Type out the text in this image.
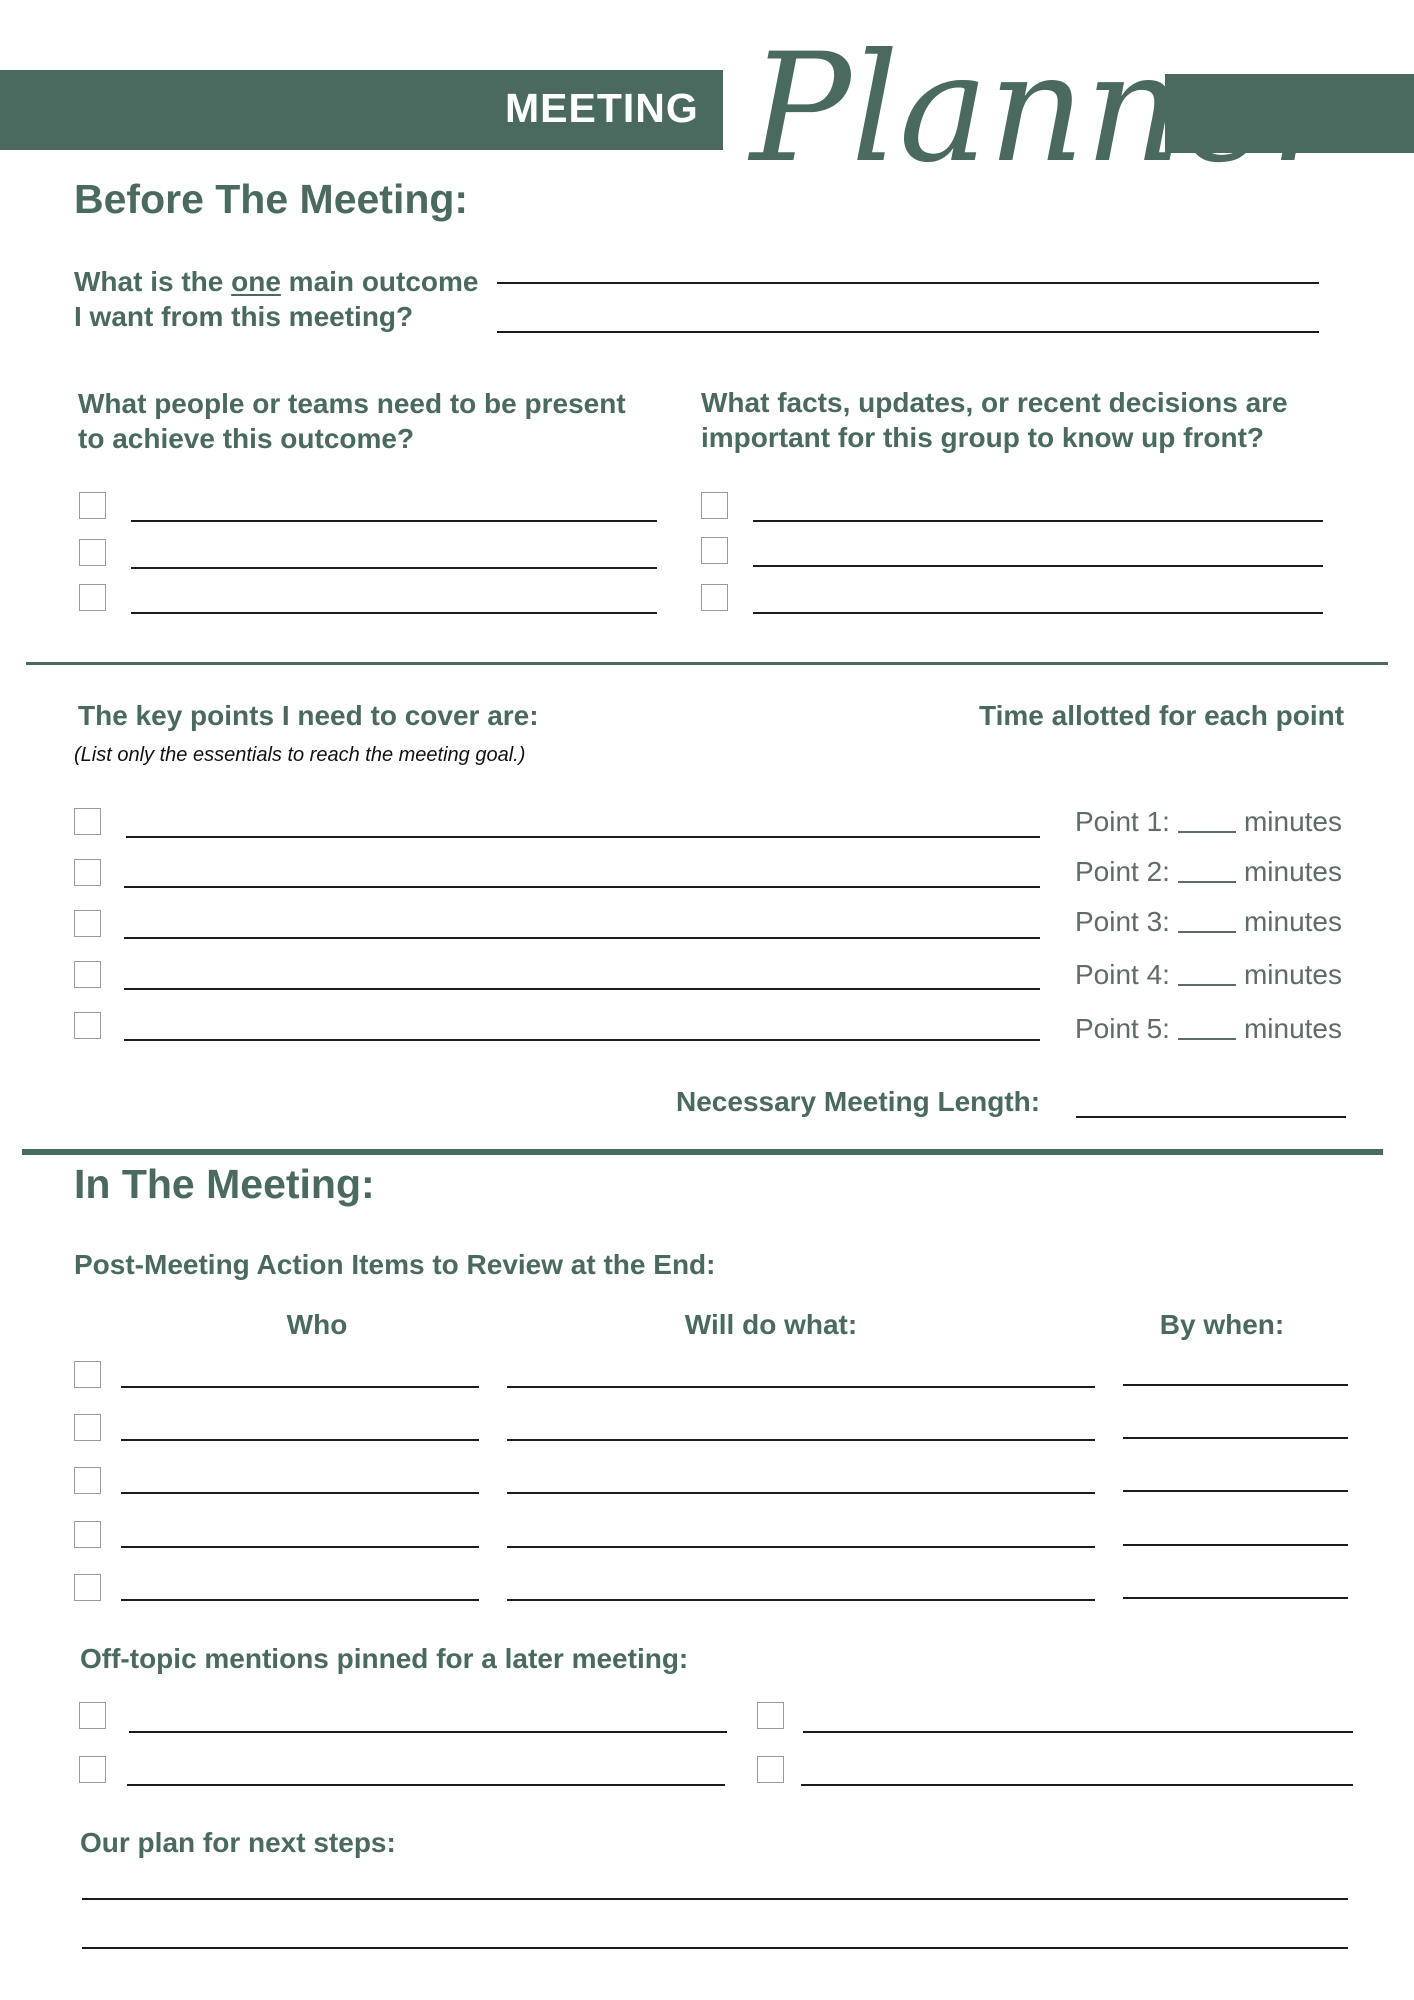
MEETING Planner
Before The Meeting:
What is the one main outcome
I want from this meeting?
What people or teams need to be present
to achieve this outcome?
What facts, updates, or recent decisions are
important for this group to know up front?
The key points I need to cover are:
(List only the essentials to reach the meeting goal.)
Time allotted for each point
Point 1:	minutes
Point 2:	minutes
Point 3:	minutes
Point 4:	minutes
Point 5:	minutes
Necessary Meeting Length:
In The Meeting:
Post-Meeting Action Items to Review at the End:
Who	Will do what:	By when:
Off-topic mentions pinned for a later meeting:
Our plan for next steps:
